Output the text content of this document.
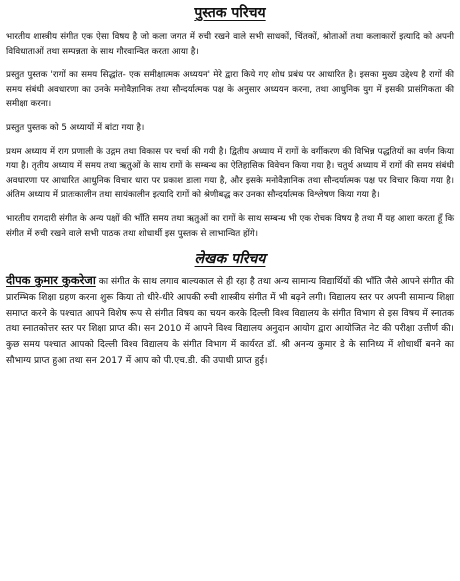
पुस्तक परिचय

भारतीय शास्त्रीय संगीत एक ऐसा विषय है जो कला जगत में रुची रखने वाले सभी साधकों, चिंतकों, श्रोताओं तथा कलाकारों इत्यादि को अपनी विविधाताओं तथा सम्पन्नता के साथ गौरवान्वित करता आया है।

प्रस्तुत पुस्तक 'रागों का समय सिद्धांत- एक समीक्षात्मक अध्ययन' मेरे द्वारा किये गए शोध प्रबंध पर आधारित है। इसका मुख्य उद्देश्य है रागों की समय संबंधी अवधारणा का उनके मनोवैज्ञानिक तथा सौन्दर्यात्मक पक्ष के अनुसार अध्ययन करना, तथा आधुनिक युग में इसकी प्रासंगिकता की समीक्षा करना।

प्रस्तुत पुस्तक को 5 अध्यायों में बांटा गया है।

प्रथम अध्याय में राग प्रणाली के उद्गम तथा विकास पर चर्चा की गयी है। द्वितीय अध्याय में रागों के वर्गीकरण की विभिन्न पद्धतियों का वर्णन किया गया है। तृतीय अध्याय में समय तथा ऋतुओं के साथ रागों के सम्बन्ध का ऐतिहासिक विवेचन किया गया है। चतुर्थ अध्याय में रागों की समय संबंधी अवधारणा पर आधारित आधुनिक विचार धारा पर प्रकाश डाला गया है, और इसके मनोवैज्ञानिक तथा सौन्दर्यात्मक पक्ष पर विचार किया गया है। अंतिम अध्याय में प्रातःकालीन तथा सायंकालीन इत्यादि रागों को श्रेणीबद्ध कर उनका सौन्दर्यात्मक विश्लेषण किया गया है।

भारतीय रागदारी संगीत के अन्य पक्षों की भाँति समय तथा ऋतुओं का रागों के साथ सम्बन्ध भी एक रोचक विषय है तथा मैं यह आशा करता हूँ कि संगीत में रुची रखने वाले सभी पाठक तथा शोधार्थी इस पुस्तक से लाभान्वित होंगे।

लेखक परिचय

दीपक कुमार कुकरेजा का संगीत के साथ लगाव बाल्यकाल से ही रहा है तथा अन्य सामान्य विद्यार्थियों की भाँति जैसे आपने संगीत की प्रारम्भिक शिक्षा ग्रहण करना शुरू किया तो धीरे-धीरे आपकी रुची शास्त्रीय संगीत में भी बढ़ने लगी। विद्यालय स्तर पर अपनी सामान्य शिक्षा समाप्त करने के पश्चात आपने विशेष रूप से संगीत विषय का चयन करके दिल्ली विश्व विद्यालय के संगीत विभाग से इस विषय में स्नातक तथा स्नातकोत्तर स्तर पर शिक्षा प्राप्त की। सन 2010 में आपने विश्व विद्यालय अनुदान आयोग द्वारा आयोजित नेट की परीक्षा उत्तीर्ण की। कुछ समय पश्चात आपको दिल्ली विश्व विद्यालय के संगीत विभाग में कार्यरत डॉ. श्री अनन्य कुमार डे के सानिध्य में शोधार्थी बनने का सौभाग्य प्राप्त हुआ तथा सन 2017 में आप को पी.एच.डी. की उपाधी प्राप्त हुई।
